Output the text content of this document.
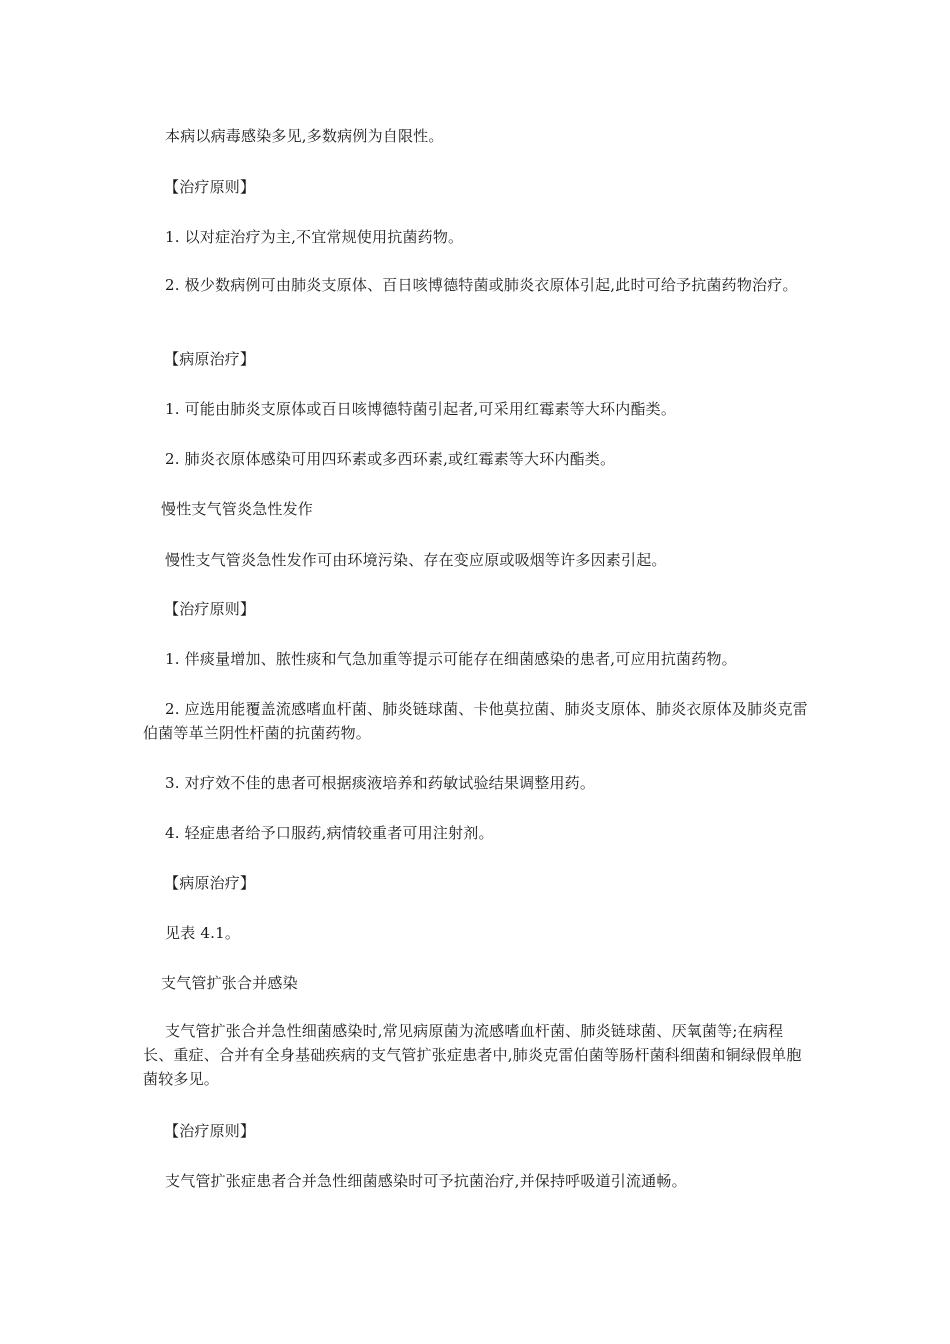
本病以病毒感染多见,多数病例为自限性。
【治疗原则】
1. 以对症治疗为主,不宜常规使用抗菌药物。
2. 极少数病例可由肺炎支原体、百日咳博德特菌或肺炎衣原体引起,此时可给予抗菌药物治疗。
【病原治疗】
1. 可能由肺炎支原体或百日咳博德特菌引起者,可采用红霉素等大环内酯类。
2. 肺炎衣原体感染可用四环素或多西环素,或红霉素等大环内酯类。
慢性支气管炎急性发作
慢性支气管炎急性发作可由环境污染、存在变应原或吸烟等许多因素引起。
【治疗原则】
1. 伴痰量增加、脓性痰和气急加重等提示可能存在细菌感染的患者,可应用抗菌药物。
2. 应选用能覆盖流感嗜血杆菌、肺炎链球菌、卡他莫拉菌、肺炎支原体、肺炎衣原体及肺炎克雷伯菌等革兰阴性杆菌的抗菌药物。
3. 对疗效不佳的患者可根据痰液培养和药敏试验结果调整用药。
4. 轻症患者给予口服药,病情较重者可用注射剂。
【病原治疗】
见表 4.1。
支气管扩张合并感染
支气管扩张合并急性细菌感染时,常见病原菌为流感嗜血杆菌、肺炎链球菌、厌氧菌等;在病程长、重症、合并有全身基础疾病的支气管扩张症患者中,肺炎克雷伯菌等肠杆菌科细菌和铜绿假单胞菌较多见。
【治疗原则】
支气管扩张症患者合并急性细菌感染时可予抗菌治疗,并保持呼吸道引流通畅。
